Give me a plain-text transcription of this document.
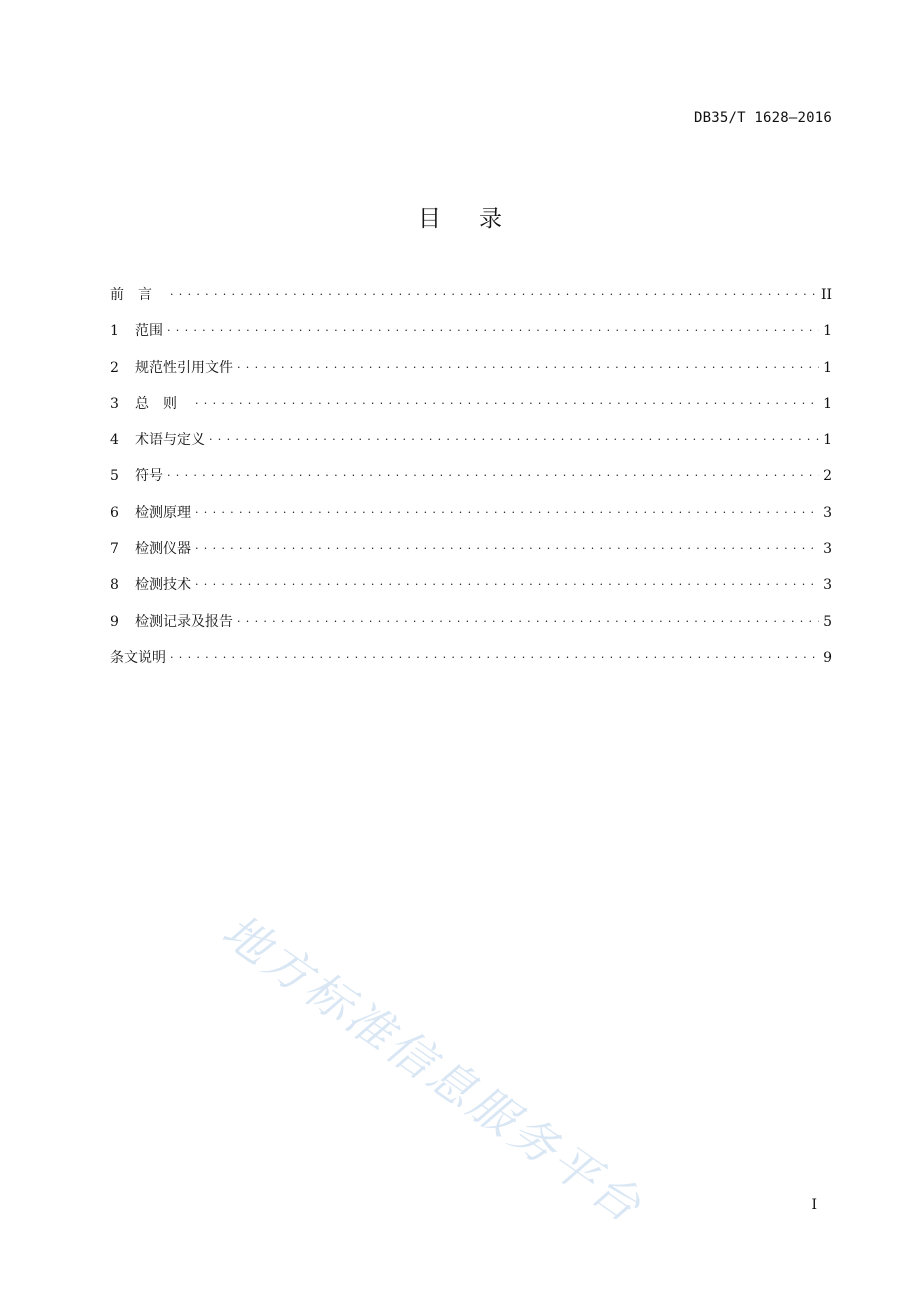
DB35/T 1628—2016
目录
前言 . . .	II
1	范围 . . .	1
2	规范性引用文件 . . .	1
3	总则 . . .	1
4	术语与定义 . . .	1
5	符号 . . .	2
6	检测原理 . . .	3
7	检测仪器 . . .	3
8	检测技术 . . .	3
9	检测记录及报告 . . .	5
条文说明 . . .	9
地方标准信息服务平台	I
